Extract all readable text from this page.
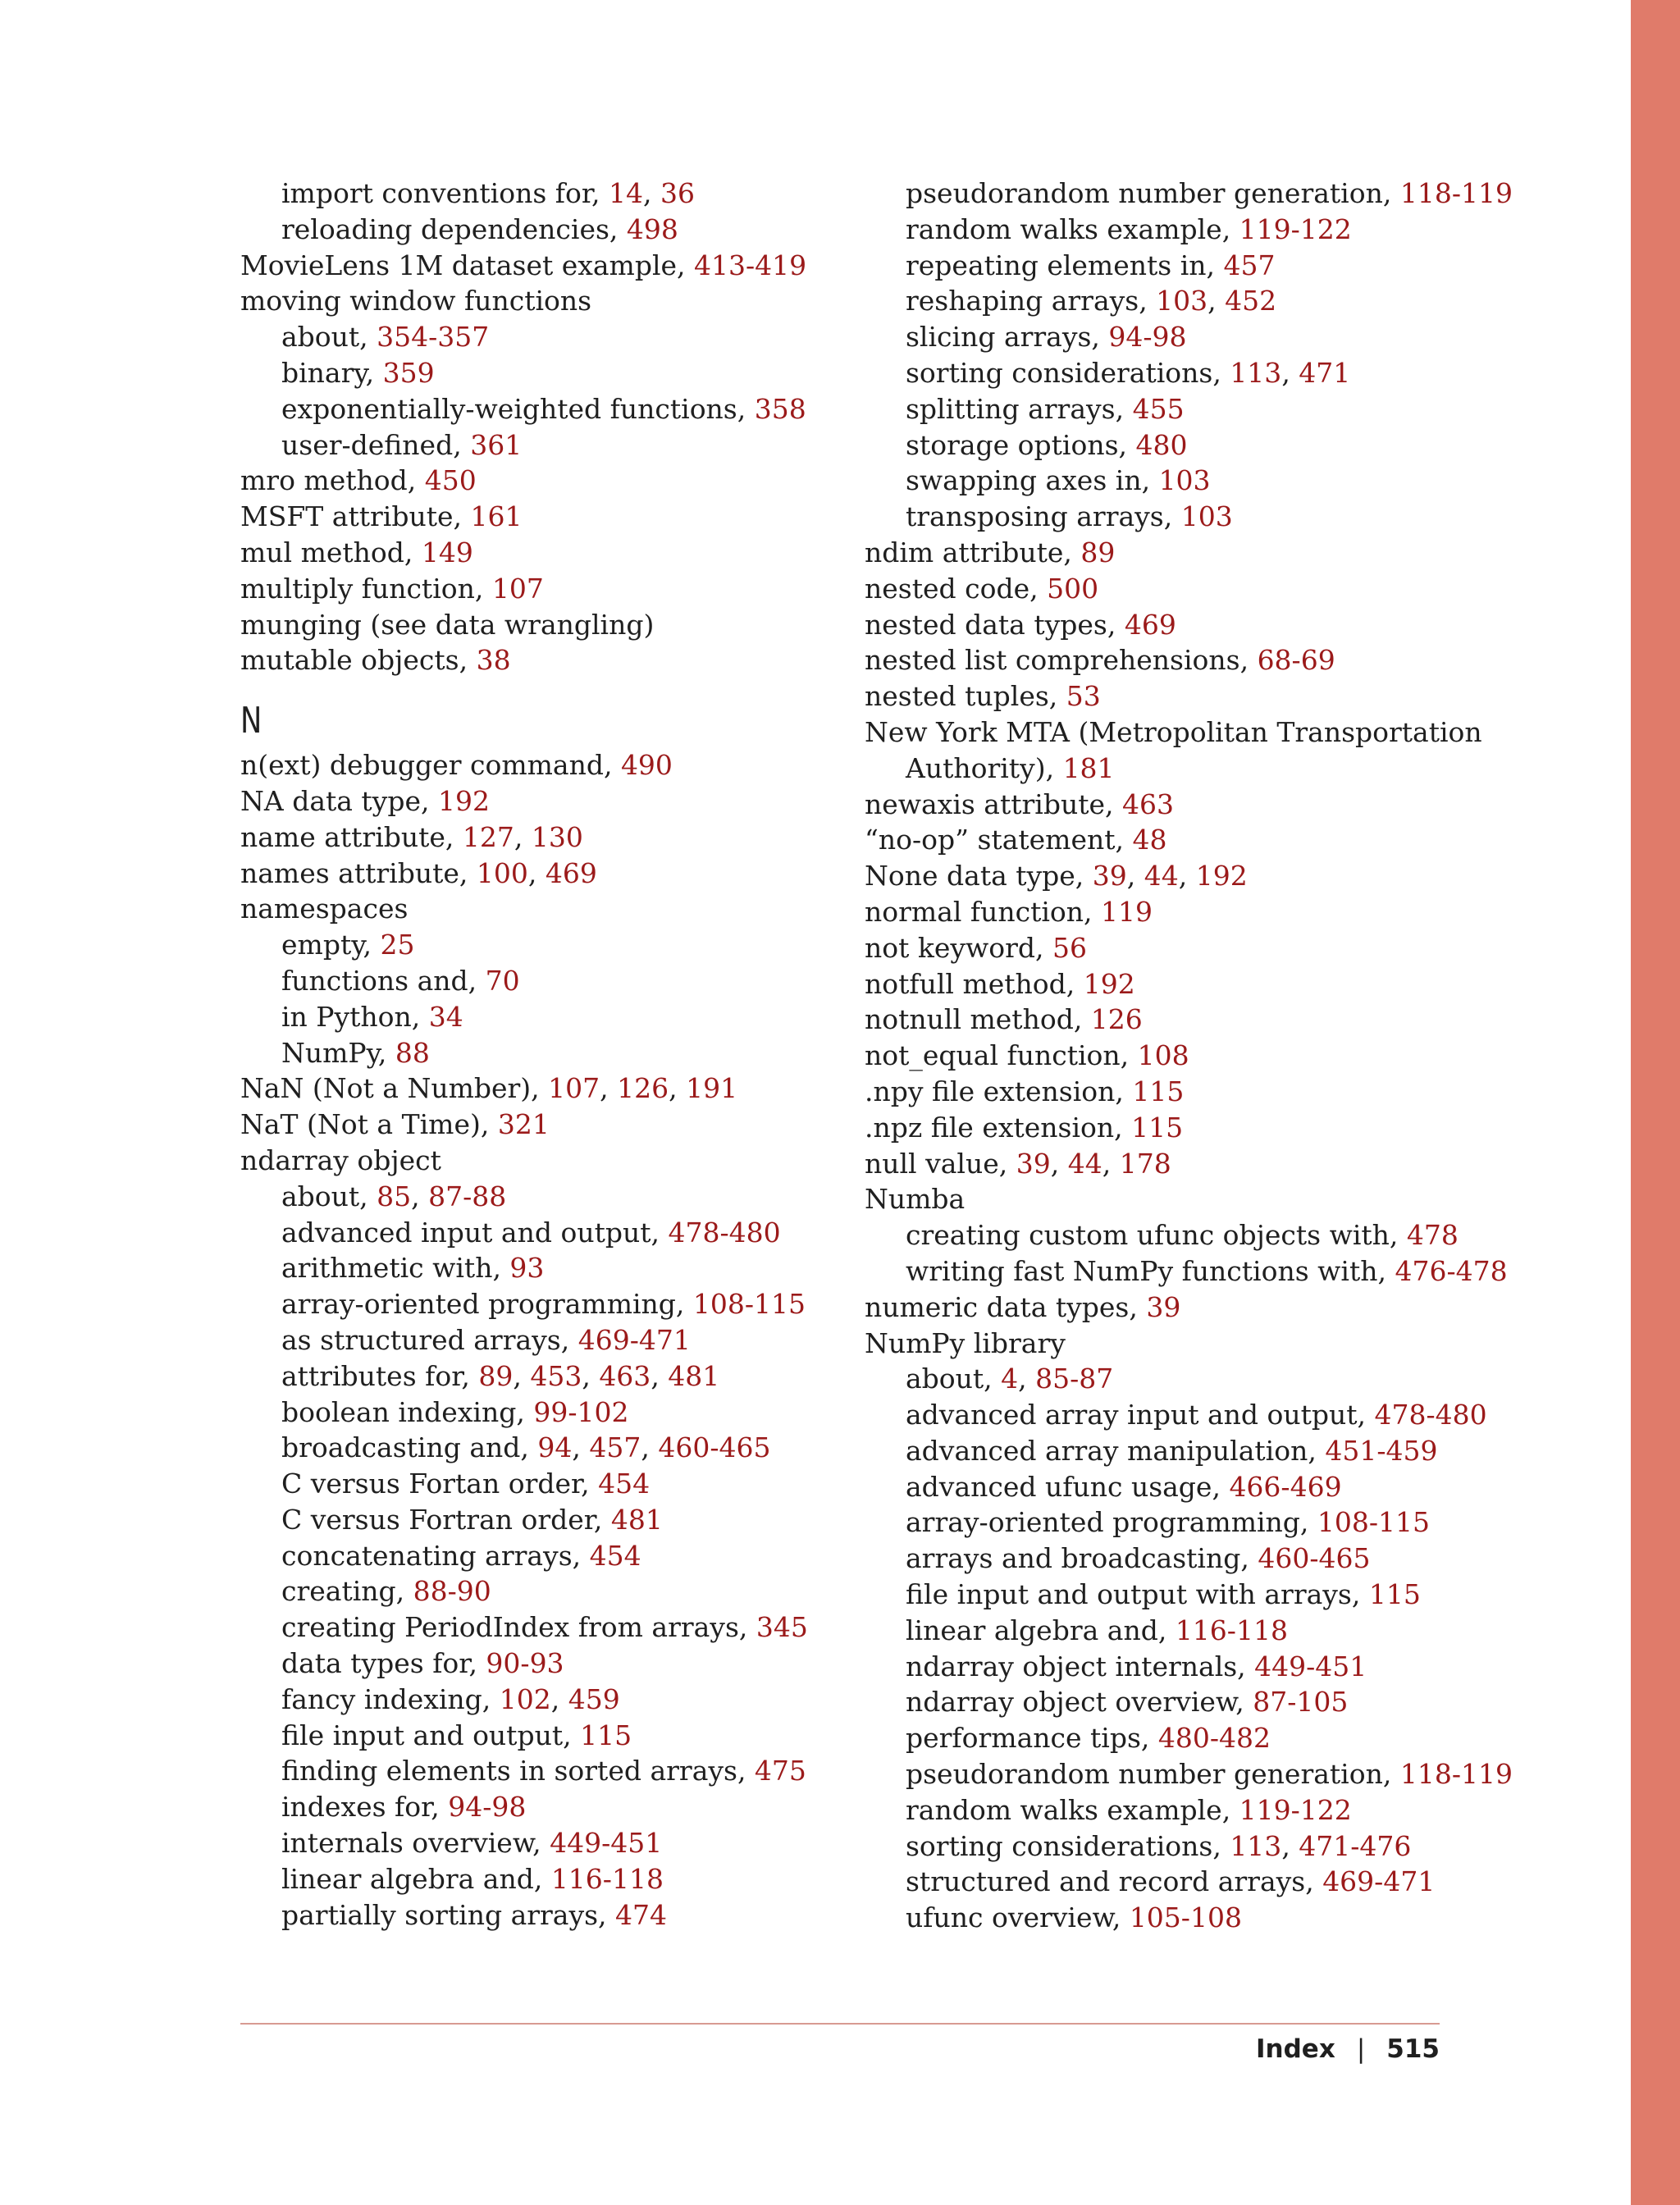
import conventions for, 14, 36
reloading dependencies, 498
MovieLens 1M dataset example, 413-419
moving window functions
about, 354-357
binary, 359
exponentially-weighted functions, 358
user-defined, 361
mro method, 450
MSFT attribute, 161
mul method, 149
multiply function, 107
munging (see data wrangling)
mutable objects, 38
N
n(ext) debugger command, 490
NA data type, 192
name attribute, 127, 130
names attribute, 100, 469
namespaces
empty, 25
functions and, 70
in Python, 34
NumPy, 88
NaN (Not a Number), 107, 126, 191
NaT (Not a Time), 321
ndarray object
about, 85, 87-88
advanced input and output, 478-480
arithmetic with, 93
array-oriented programming, 108-115
as structured arrays, 469-471
attributes for, 89, 453, 463, 481
boolean indexing, 99-102
broadcasting and, 94, 457, 460-465
C versus Fortan order, 454
C versus Fortran order, 481
concatenating arrays, 454
creating, 88-90
creating PeriodIndex from arrays, 345
data types for, 90-93
fancy indexing, 102, 459
file input and output, 115
finding elements in sorted arrays, 475
indexes for, 94-98
internals overview, 449-451
linear algebra and, 116-118
partially sorting arrays, 474
pseudorandom number generation, 118-119
random walks example, 119-122
repeating elements in, 457
reshaping arrays, 103, 452
slicing arrays, 94-98
sorting considerations, 113, 471
splitting arrays, 455
storage options, 480
swapping axes in, 103
transposing arrays, 103
ndim attribute, 89
nested code, 500
nested data types, 469
nested list comprehensions, 68-69
nested tuples, 53
New York MTA (Metropolitan Transportation Authority), 181
newaxis attribute, 463
“no-op” statement, 48
None data type, 39, 44, 192
normal function, 119
not keyword, 56
notfull method, 192
notnull method, 126
not_equal function, 108
.npy file extension, 115
.npz file extension, 115
null value, 39, 44, 178
Numba
creating custom ufunc objects with, 478
writing fast NumPy functions with, 476-478
numeric data types, 39
NumPy library
about, 4, 85-87
advanced array input and output, 478-480
advanced array manipulation, 451-459
advanced ufunc usage, 466-469
array-oriented programming, 108-115
arrays and broadcasting, 460-465
file input and output with arrays, 115
linear algebra and, 116-118
ndarray object internals, 449-451
ndarray object overview, 87-105
performance tips, 480-482
pseudorandom number generation, 118-119
random walks example, 119-122
sorting considerations, 113, 471-476
structured and record arrays, 469-471
ufunc overview, 105-108
Index | 515
